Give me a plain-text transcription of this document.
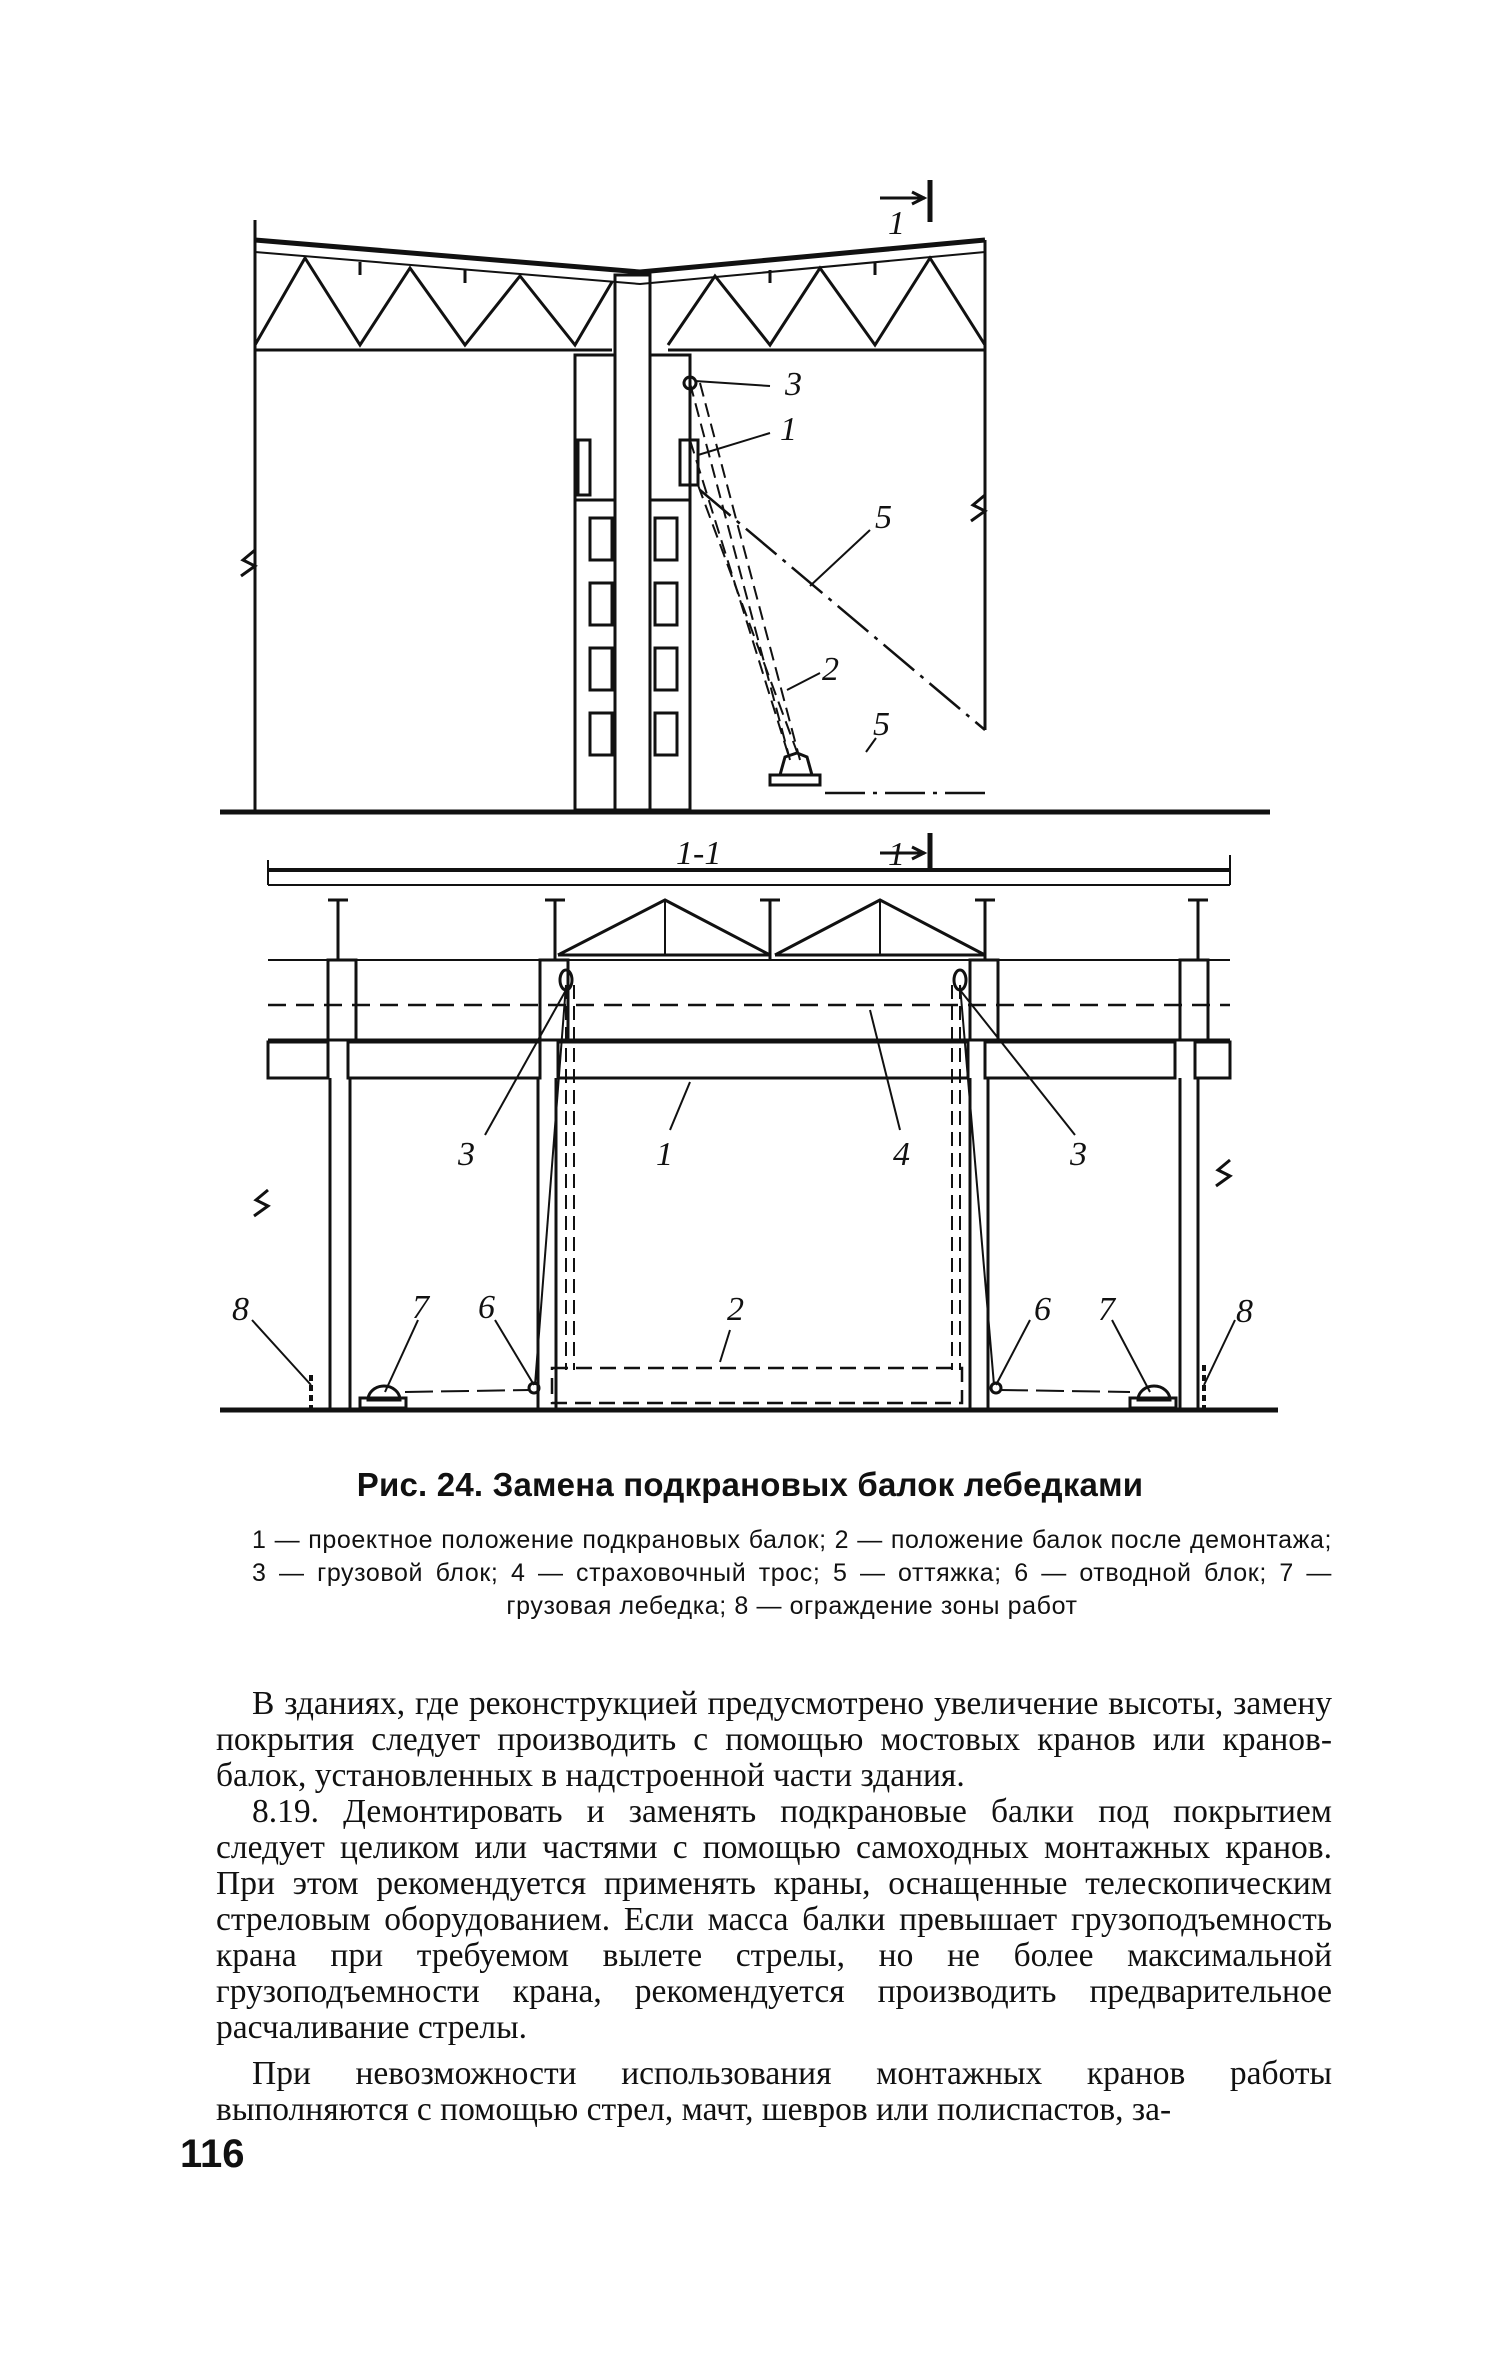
1
3
1
5
2
5
1-1	1
3	1	4	3
8	7 6	2	6 7	8
Рис. 24. Замена подкрановых балок лебедками
1 — проектное положение подкрановых балок; 2 — положение балок после демонтажа; 3 — грузовой блок; 4 — страховочный трос; 5 — оттяжка; 6 — отводной блок; 7 — грузовая лебедка; 8 — ограждение зоны работ

В зданиях, где реконструкцией предусмотрено увеличение высоты, замену покрытия следует производить с помощью мостовых кранов или кранов-балок, установленных в надстроенной части здания.

8.19. Демонтировать и заменять подкрановые балки под покрытием следует целиком или частями с помощью самоходных монтажных кранов. При этом рекомендуется применять краны, оснащенные телескопическим стреловым оборудованием. Если масса балки превышает грузоподъемность крана при требуемом вылете стрелы, но не более максимальной грузоподъемности крана, рекомендуется производить предварительное расчаливание стрелы.

При невозможности использования монтажных кранов работы выполняются с помощью стрел, мачт, шевров или полиспастов, за-

116
